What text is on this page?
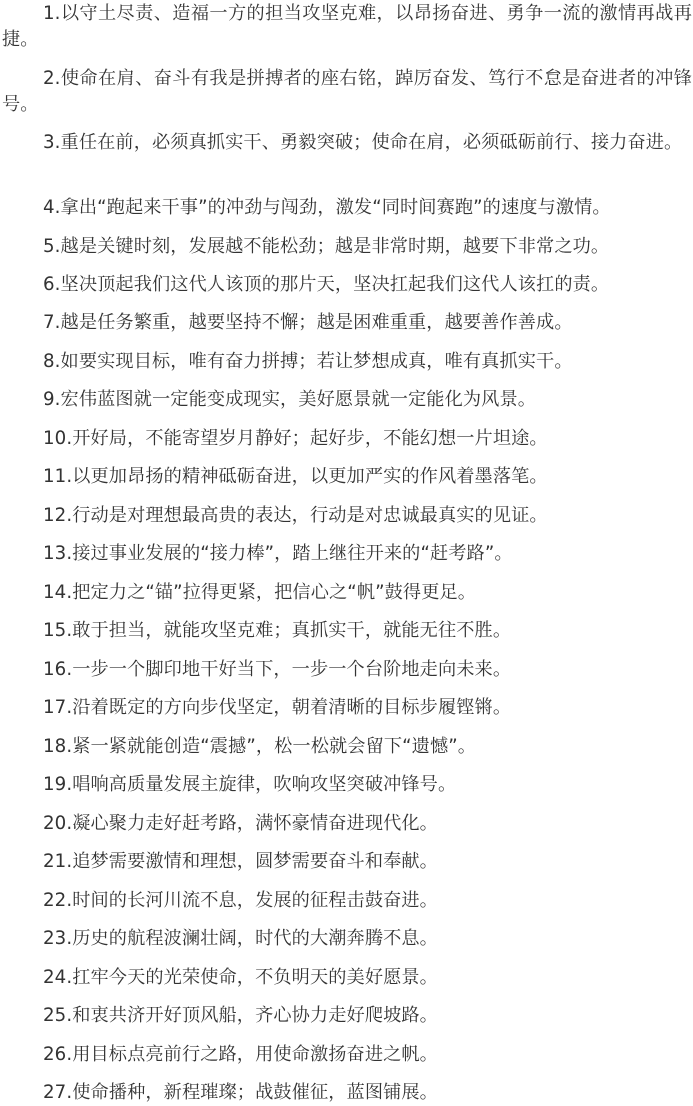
1.以守土尽责、造福一方的担当攻坚克难，以昂扬奋进、勇争一流的激情再战再捷。

2.使命在肩、奋斗有我是拼搏者的座右铭，踔厉奋发、笃行不怠是奋进者的冲锋号。

3.重任在前，必须真抓实干、勇毅突破；使命在肩，必须砥砺前行、接力奋进。

4.拿出“跑起来干事”的冲劲与闯劲，激发“同时间赛跑”的速度与激情。

5.越是关键时刻，发展越不能松劲；越是非常时期，越要下非常之功。

6.坚决顶起我们这代人该顶的那片天，坚决扛起我们这代人该扛的责。

7.越是任务繁重，越要坚持不懈；越是困难重重，越要善作善成。

8.如要实现目标，唯有奋力拼搏；若让梦想成真，唯有真抓实干。

9.宏伟蓝图就一定能变成现实，美好愿景就一定能化为风景。

10.开好局，不能寄望岁月静好；起好步，不能幻想一片坦途。

11.以更加昂扬的精神砥砺奋进，以更加严实的作风着墨落笔。

12.行动是对理想最高贵的表达，行动是对忠诚最真实的见证。

13.接过事业发展的“接力棒”，踏上继往开来的“赶考路”。

14.把定力之“锚”拉得更紧，把信心之“帆”鼓得更足。

15.敢于担当，就能攻坚克难；真抓实干，就能无往不胜。

16.一步一个脚印地干好当下，一步一个台阶地走向未来。

17.沿着既定的方向步伐坚定，朝着清晰的目标步履铿锵。

18.紧一紧就能创造“震撼”，松一松就会留下“遗憾”。

19.唱响高质量发展主旋律，吹响攻坚突破冲锋号。

20.凝心聚力走好赶考路，满怀豪情奋进现代化。

21.追梦需要激情和理想，圆梦需要奋斗和奉献。

22.时间的长河川流不息，发展的征程击鼓奋进。

23.历史的航程波澜壮阔，时代的大潮奔腾不息。

24.扛牢今天的光荣使命，不负明天的美好愿景。

25.和衷共济开好顶风船，齐心协力走好爬坡路。

26.用目标点亮前行之路，用使命激扬奋进之帆。

27.使命播种，新程璀璨；战鼓催征，蓝图铺展。
